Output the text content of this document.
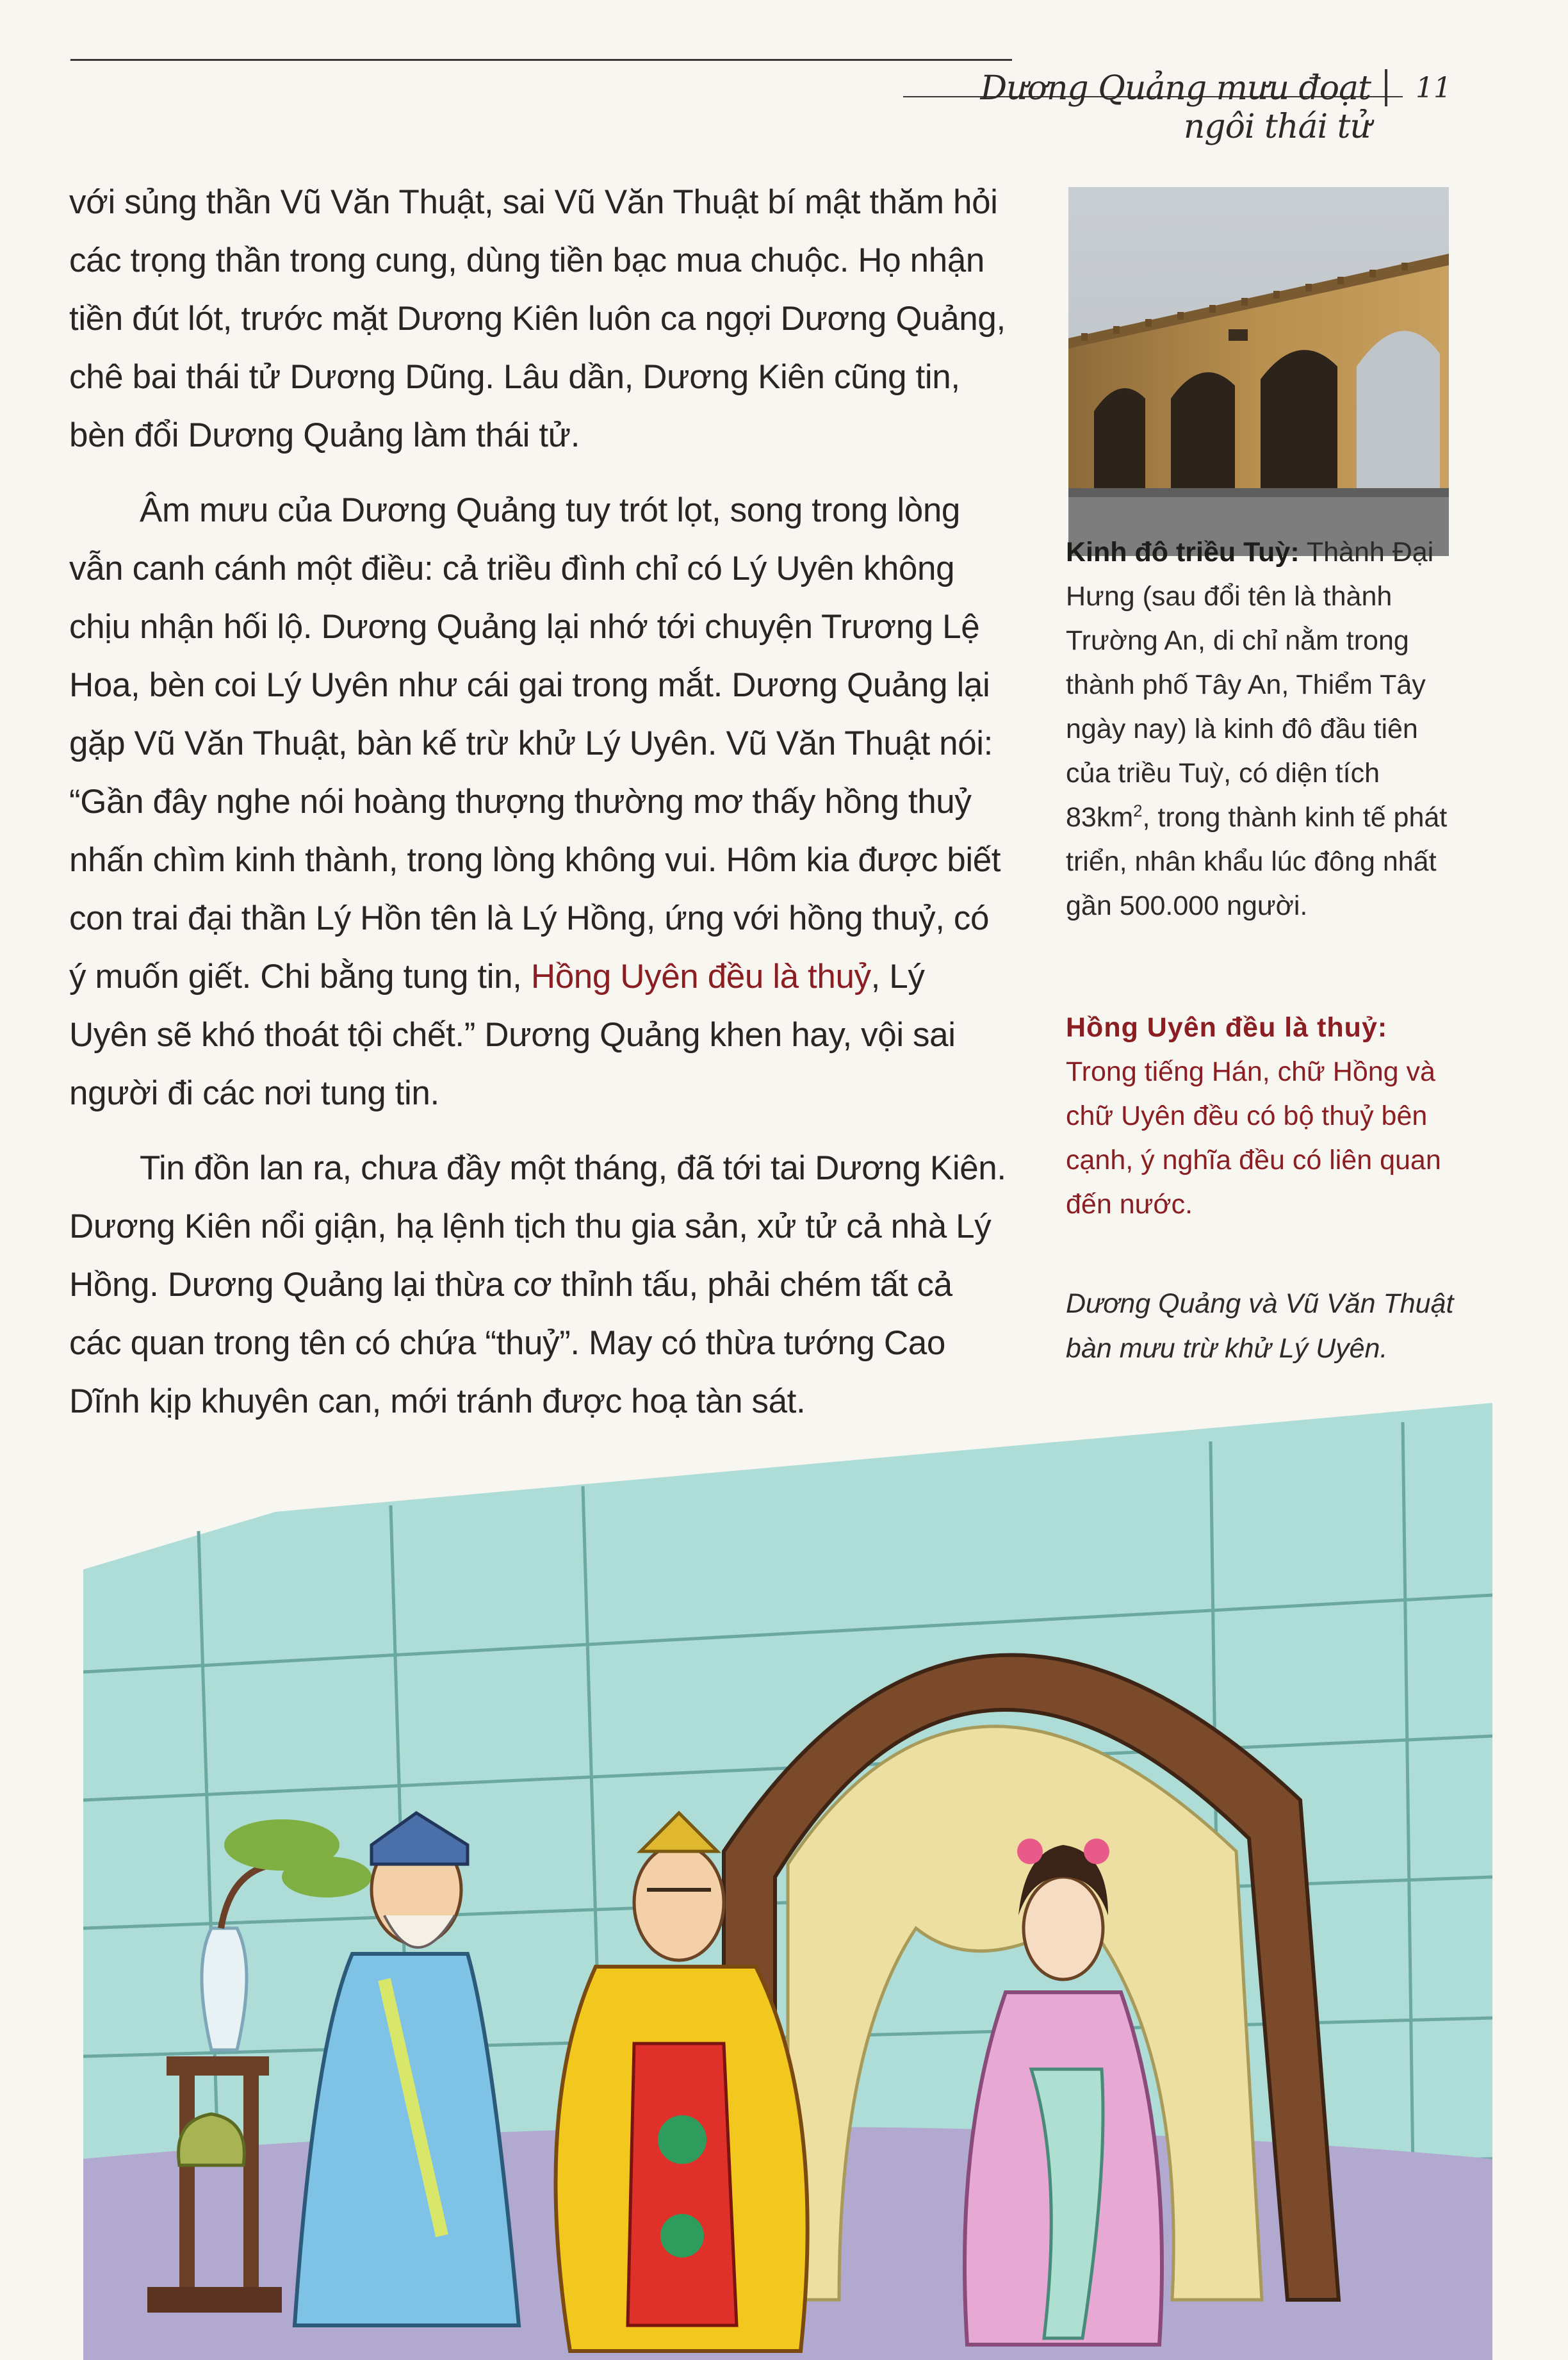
Dương Quảng mưu đoạt ngôi thái tử
11

với sủng thần Vũ Văn Thuật, sai Vũ Văn Thuật bí mật thăm hỏi các trọng thần trong cung, dùng tiền bạc mua chuộc. Họ nhận tiền đút lót, trước mặt Dương Kiên luôn ca ngợi Dương Quảng, chê bai thái tử Dương Dũng. Lâu dần, Dương Kiên cũng tin, bèn đổi Dương Quảng làm thái tử.

Âm mưu của Dương Quảng tuy trót lọt, song trong lòng vẫn canh cánh một điều: cả triều đình chỉ có Lý Uyên không chịu nhận hối lộ. Dương Quảng lại nhớ tới chuyện Trương Lệ Hoa, bèn coi Lý Uyên như cái gai trong mắt. Dương Quảng lại gặp Vũ Văn Thuật, bàn kế trừ khử Lý Uyên. Vũ Văn Thuật nói: “Gần đây nghe nói hoàng thượng thường mơ thấy hồng thuỷ nhấn chìm kinh thành, trong lòng không vui. Hôm kia được biết con trai đại thần Lý Hồn tên là Lý Hồng, ứng với hồng thuỷ, có ý muốn giết. Chi bằng tung tin, Hồng Uyên đều là thuỷ, Lý Uyên sẽ khó thoát tội chết.” Dương Quảng khen hay, vội sai người đi các nơi tung tin.

Tin đồn lan ra, chưa đầy một tháng, đã tới tai Dương Kiên. Dương Kiên nổi giận, hạ lệnh tịch thu gia sản, xử tử cả nhà Lý Hồng. Dương Quảng lại thừa cơ thỉnh tấu, phải chém tất cả các quan trong tên có chứa “thuỷ”. May có thừa tướng Cao Dĩnh kịp khuyên can, mới tránh được hoạ tàn sát.

Kinh đô triều Tuỳ: Thành Đại Hưng (sau đổi tên là thành Trường An, di chỉ nằm trong thành phố Tây An, Thiểm Tây ngày nay) là kinh đô đầu tiên của triều Tuỳ, có diện tích $83km^2$, trong thành kinh tế phát triển, nhân khẩu lúc đông nhất gần 500.000 người.
Hồng Uyên đều là thuỷ:
Trong tiếng Hán, chữ Hồng và chữ Uyên đều có bộ thuỷ bên cạnh, ý nghĩa đều có liên quan đến nước.
Dương Quảng và Vũ Văn Thuật bàn mưu trừ khử Lý Uyên.
